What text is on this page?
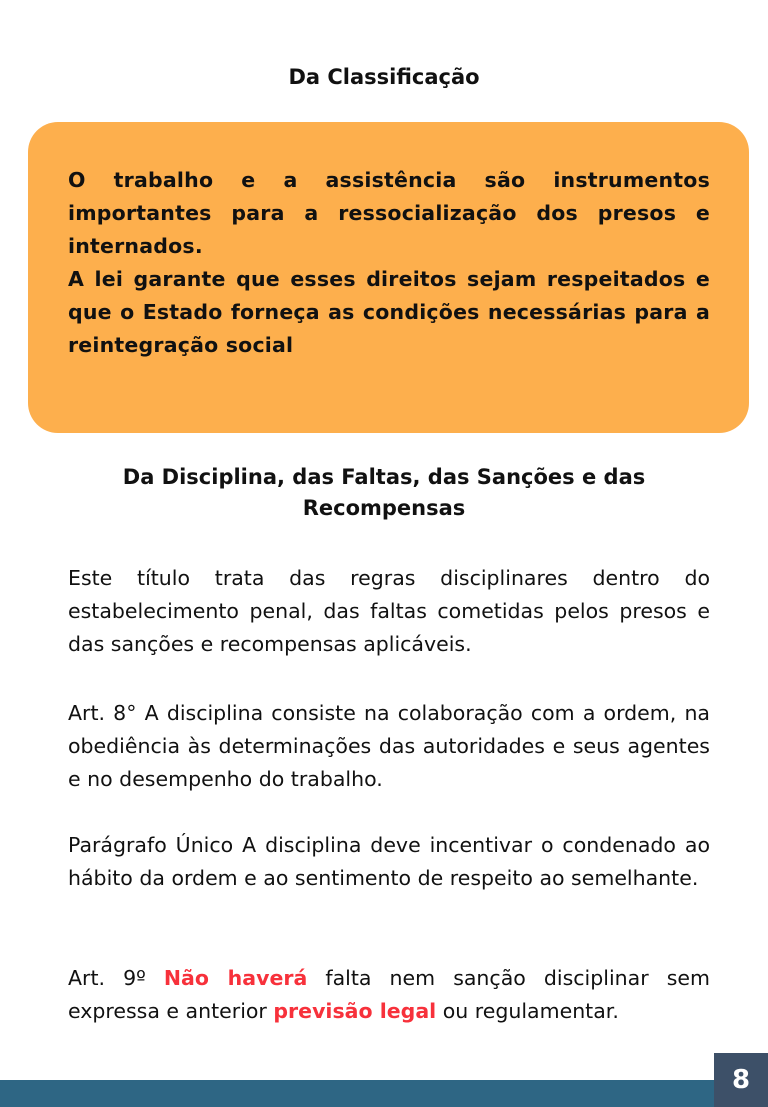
Da Classificação

O trabalho e a assistência são instrumentos importantes para a ressocialização dos presos e internados.
A lei garante que esses direitos sejam respeitados e que o Estado forneça as condições necessárias para a reintegração social

Da Disciplina, das Faltas, das Sanções e das Recompensas

Este título trata das regras disciplinares dentro do estabelecimento penal, das faltas cometidas pelos presos e das sanções e recompensas aplicáveis.

Art. 8° A disciplina consiste na colaboração com a ordem, na obediência às determinações das autoridades e seus agentes e no desempenho do trabalho.

Parágrafo Único A disciplina deve incentivar o condenado ao hábito da ordem e ao sentimento de respeito ao semelhante.

Art. 9º Não haverá falta nem sanção disciplinar sem expressa e anterior previsão legal ou regulamentar.

8
